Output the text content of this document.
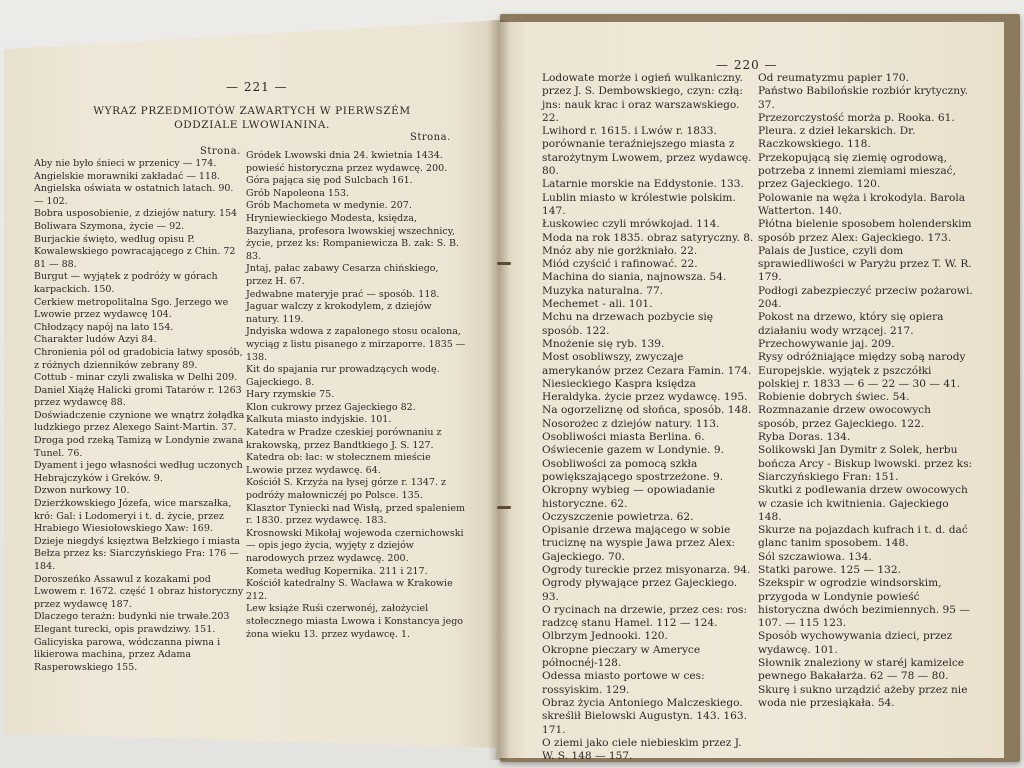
— 221 —
WYRAZ PRZEDMIOTÓW ZAWARTYCH W PIERWSZÉM ODDZIALE LWOWIANINA.
Strona.
Strona.
Aby nie było śnieci w przenicy — 174.
Angielskie morawniki zakładać — 118.
Angielska oświata w ostatnich latach. 90.
— 102.
Bobra usposobienie, z dziejów natury. 154
Boliwara Szymona, życie — 92.
Burjackie święto, według opisu P. Kowalewskiego powracającego z Chin. 72
81 — 88.
Burgut — wyjątek z podróży w górach karpackich. 150.
Cerkiew metropolitalna Sgo. Jerzego we Lwowie przez wydawcę 104.
Chłodzący napój na lato 154.
Charakter ludów Azyi 84.
Chronienia pól od gradobicia łatwy sposób, z różnych dzienników zebrany 89.
Cottub - minar czyli zwaliska w Delhi 209.
Daniel Xiążę Halicki gromi Tatarów r. 1263 przez wydawcę 88.
Doświadczenie czynione we wnątrz żołądka ludzkiego przez Alexego Saint-Martin. 37.
Droga pod rzeką Tamizą w Londynie zwana Tunel. 76.
Dyament i jego własności według uczonych Hebrajczyków i Greków. 9.
Dzwon nurkowy 10.
Dzierżkowskiego Józefa, wice marszałka, kró: Gal: i Lodomeryi i t. d. życie, przez Hrabiego Wiesiołowskiego Xaw: 169.
Dzieje niegdyś księztwa Bełzkiego i miasta Bełza przez ks: Siarczyńskiego Fra: 176 — 184.
Doroszeńko Assawul z kozakami pod Lwowem r. 1672. część 1 obraz historyczny przez wydawcę 187.
Dlaczego terażn: budynki nie trwałe.203
Elegant turecki, opis prawdziwy. 151.
Galicyiska parowa, wódczanna piwna i likierowa machina, przez Adama Rasperowskiego 155.
Gródek Lwowski dnia 24. kwietnia 1434. powieść historyczna przez wydawcę. 200.
Góra pająca się pod Sulcbach 161.
Grób Napoleona 153.
Grób Machometa w medynie. 207.
Hryniewieckiego Modesta, księdza, Bazyliana, profesora lwowskiej wszechnicy, życie, przez ks: Rompaniewicza B. zak: S. B. 83.
Jntaj, pałac zabawy Cesarza chińskiego, przez H. 67.
Jedwabne materyje prać — sposób. 118.
Jaguar walczy z krokodylem, z dziejów natury. 119.
Jndyiska wdowa z zapalonego stosu ocalona, wyciąg z listu pisanego z mirzaporre. 1835 — 138.
Kit do spajania rur prowadzących wodę. Gajeckiego. 8.
Hary rzymskie 75.
Klon cukrowy przez Gajeckiego 82.
Kalkuta miasto indyjskie. 101.
Katedra w Pradze czeskiej porównaniu z krakowską, przez Bandtkiego J. S. 127.
Katedra ob: łac: w stołecznem mieście Lwowie przez wydawcę. 64.
Kościół S. Krzyża na łysej górze r. 1347. z podróży małowniczéj po Polsce. 135.
Klasztor Tyniecki nad Wisłą, przed spaleniem r. 1830. przez wydawcę. 183.
Krosnowski Mikołaj wojewoda czernichowski — opis jego życia, wyjęty z dziejów narodowych przez wydawcę. 200.
Kometa według Kopernika. 211 i 217.
Kościół katedralny S. Wacława w Krakowie 212.
Lew książe Ruśi czerwonéj, założyciel stołecznego miasta Lwowa i Konstancya jego żona wieku 13. przez wydawcę. 1.
— 220 —
Lodowate morże i ogień wulkaniczny. przez J. S. Dembowskiego, czyn: człą: jns: nauk krac i oraz warszawskiego. 22.
Lwihord r. 1615. i Lwów r. 1833. porównanie teraźniejszego miasta z starożytnym Lwowem, przez wydawcę. 80.
Latarnie morskie na Eddystonie. 133.
Lublin miasto w królestwie polskim. 147.
Łuskowiec czyli mrówkojad. 114.
Moda na rok 1835. obraz satyryczny. 8.
Mnóz aby nie gorżkniało. 22.
Miód czyścić i rafinować. 22.
Machina do siania, najnowsza. 54.
Muzyka naturalna. 77.
Mechemet - ali. 101.
Mchu na drzewach pozbycie się sposób. 122.
Mnożenie się ryb. 139.
Most osobliwszy, zwyczaje amerykanów przez Cezara Famin. 174.
Niesieckiego Kaspra księdza Heraldyka. życie przez wydawcę. 195.
Na ogorzeliznę od słońca, sposób. 148.
Nosorożec z dziejów natury. 113.
Osobliwości miasta Berlina. 6.
Oświecenie gazem w Londynie. 9.
Osobliwości za pomocą szkła powiększającego spostrzeżone. 9.
Okropny wybieg — opowiadanie historyczne. 62.
Oczyszczenie powietrza. 62.
Opisanie drzewa mającego w sobie truciznę na wyspie Jawa przez Alex: Gajeckiego. 70.
Ogrody tureckie przez misyonarza. 94.
Ogrody pływające przez Gajeckiego. 93.
O rycinach na drzewie, przez ces: ros: radzcę stanu Hamel. 112 — 124.
Olbrzym Jednooki. 120.
Okropne pieczary w Ameryce północnéj-128.
Odessa miasto portowe w ces: rossyiskim. 129.
Obraz życia Antoniego Malczeskiego. skreślił Bielowski Augustyn. 143. 163. 171.
O ziemi jako ciele niebieskim przez J. W. S. 148 — 157.
Od reumatyzmu papier 170.
Państwo Babilońskie rozbiór krytyczny. 37.
Przezorczystość morża p. Rooka. 61.
Pleura. z dzieł lekarskich. Dr. Raczkowskiego. 118.
Przekopującą się ziemię ogrodową, potrzeba z innemi ziemiami mieszać, przez Gajeckiego. 120.
Polowanie na węża i krokodyla. Barola Watterton. 140.
Płótna bielenie sposobem holenderskim sposób przez Alex: Gajeckiego. 173.
Palais de Justice, czyli dom sprawiedliwości w Paryżu przez T. W. R. 179.
Podłogi zabezpieczyć przeciw pożarowi. 204.
Pokost na drzewo, który się opiera działaniu wody wrzącej. 217.
Przechowywanie jaj. 209.
Rysy odróżniające między sobą narody Europejskie. wyjątek z pszczółki polskiej r. 1833 — 6 — 22 — 30 — 41.
Robienie dobrych świec. 54.
Rozmnazanie drzew owocowych sposób, przez Gajeckiego. 122.
Ryba Doras. 134.
Solikowski Jan Dymitr z Solek, herbu bończa Arcy - Biskup lwowski. przez ks: Siarczyńskiego Fran: 151.
Skutki z podlewania drzew owocowych w czasie ich kwitnienia. Gajeckiego 148.
Skurze na pojazdach kufrach i t. d. dać glanc tanim sposobem. 148.
Sól szczawiowa. 134.
Statki parowe. 125 — 132.
Szekspir w ogrodzie windsorskim, przygoda w Londynie powieść historyczna dwóch bezimiennych. 95 — 107. — 115 123.
Sposób wychowywania dzieci, przez wydawcę. 101.
Słownik znaleziony w staréj kamizelce pewnego Bakałarża. 62 — 78 — 80.
Skurę i sukno urządzić ażeby przez nie woda nie przesiąkała. 54.
